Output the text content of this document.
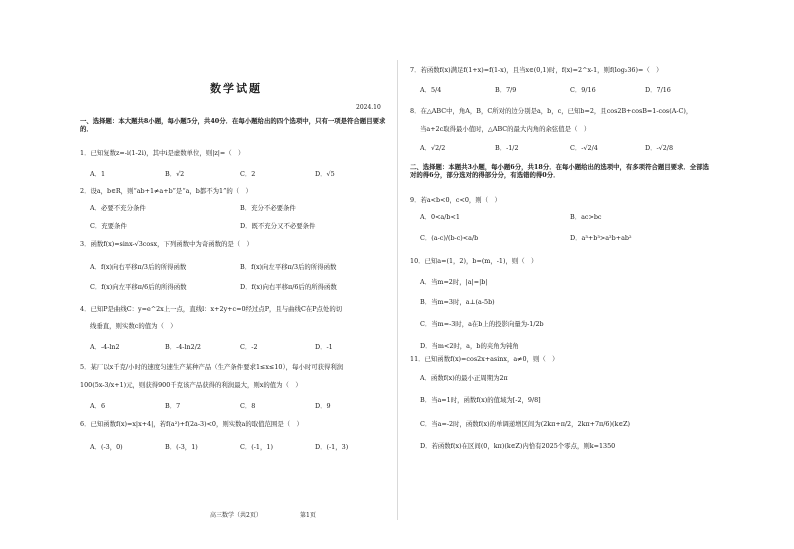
数学试题
2024.10
一、选择题：本大题共8小题，每小题5分，共40分．在每小题给出的四个选项中，只有一项是符合题目要求的．
1．已知复数z=-i(1-2i)，其中i是虚数单位，则|z|=（　）
A．1	B．√2	C．2	D．√5
2．设a，b∈R，则“ab+1≠a+b”是“a，b都不为1”的（　）
A．必要不充分条件	B．充分不必要条件
C．充要条件	D．既不充分又不必要条件
3．函数f(x)=sinx-√3cosx，下列函数中为奇函数的是（　）
A．f(x)向右平移π/3后的所得函数	B．f(x)向左平移π/3后的所得函数
C．f(x)向左平移π/6后的所得函数	D．f(x)向右平移π/6后的所得函数
4．已知P是曲线C：y=e^2x上一点，直线l：x+2y+c=0经过点P，且与曲线C在P点处的切
线垂直，则实数c的值为（　）
A．-4-ln2	B．-4-ln2/2	C．-2	D．-1
5．某厂以x千克/小时的速度匀速生产某种产品（生产条件要求1≤x≤10），每小时可获得利润
100(5x-3/x+1)元，则获得900千克该产品获得的利润最大，则x的值为（　）
A．6	B．7	C．8	D．9
6．已知函数f(x)=x|x+4|，若f(a²)+f(2a-3)<0，则实数a的取值范围是（　）
A．(-3，0)	B．(-3，1)	C．(-1，1)	D．(-1，3)
高三数学（共2页）	第1页
7．若函数f(x)满足f(1+x)=f(1-x)，且当x∈(0,1)时，f(x)=2^x-1，则f(log₂36)=（　）
A．5/4	B．7/9	C．9/16	D．7/16
8．在△ABC中，角A，B，C所对的边分别是a，b，c，已知b=2，且cos2B+cosB=1-cos(A-C)，
当a+2c取得最小值时，△ABC的最大内角的余弦值是（　）
A．√2/2	B．-1/2	C．-√2/4	D．-√2/8
二、选择题：本题共3小题，每小题6分，共18分．在每小题给出的选项中，有多项符合题目要求．全部选对的得6分，部分选对的得部分分，有选错的得0分．
9．若a<b<0，c<0，则（　）
A．0<a/b<1	B．ac>bc
C．(a-c)/(b-c)<a/b	D．a³+b³>a²b+ab²
10．已知a=(1，2)，b=(m，-1)，则（　）
A．当m=2时，|a|=|b|
B．当m=3时，a⊥(a-5b)
C．当m=-3时，a在b上的投影向量为-1/2b
D．当m<2时，a，b的夹角为钝角
11．已知函数f(x)=cos2x+asinx，a≠0，则（　）
A．函数f(x)的最小正周期为2π
B．当a=1时，函数f(x)的值域为[-2，9/8]
C．当a=-2时，函数f(x)的单调递增区间为(2kπ+π/2，2kπ+7π/6)(k∈Z)
D．若函数f(x)在区间(0，kπ)(k∈Z)内恰有2025个零点，则k=1350
